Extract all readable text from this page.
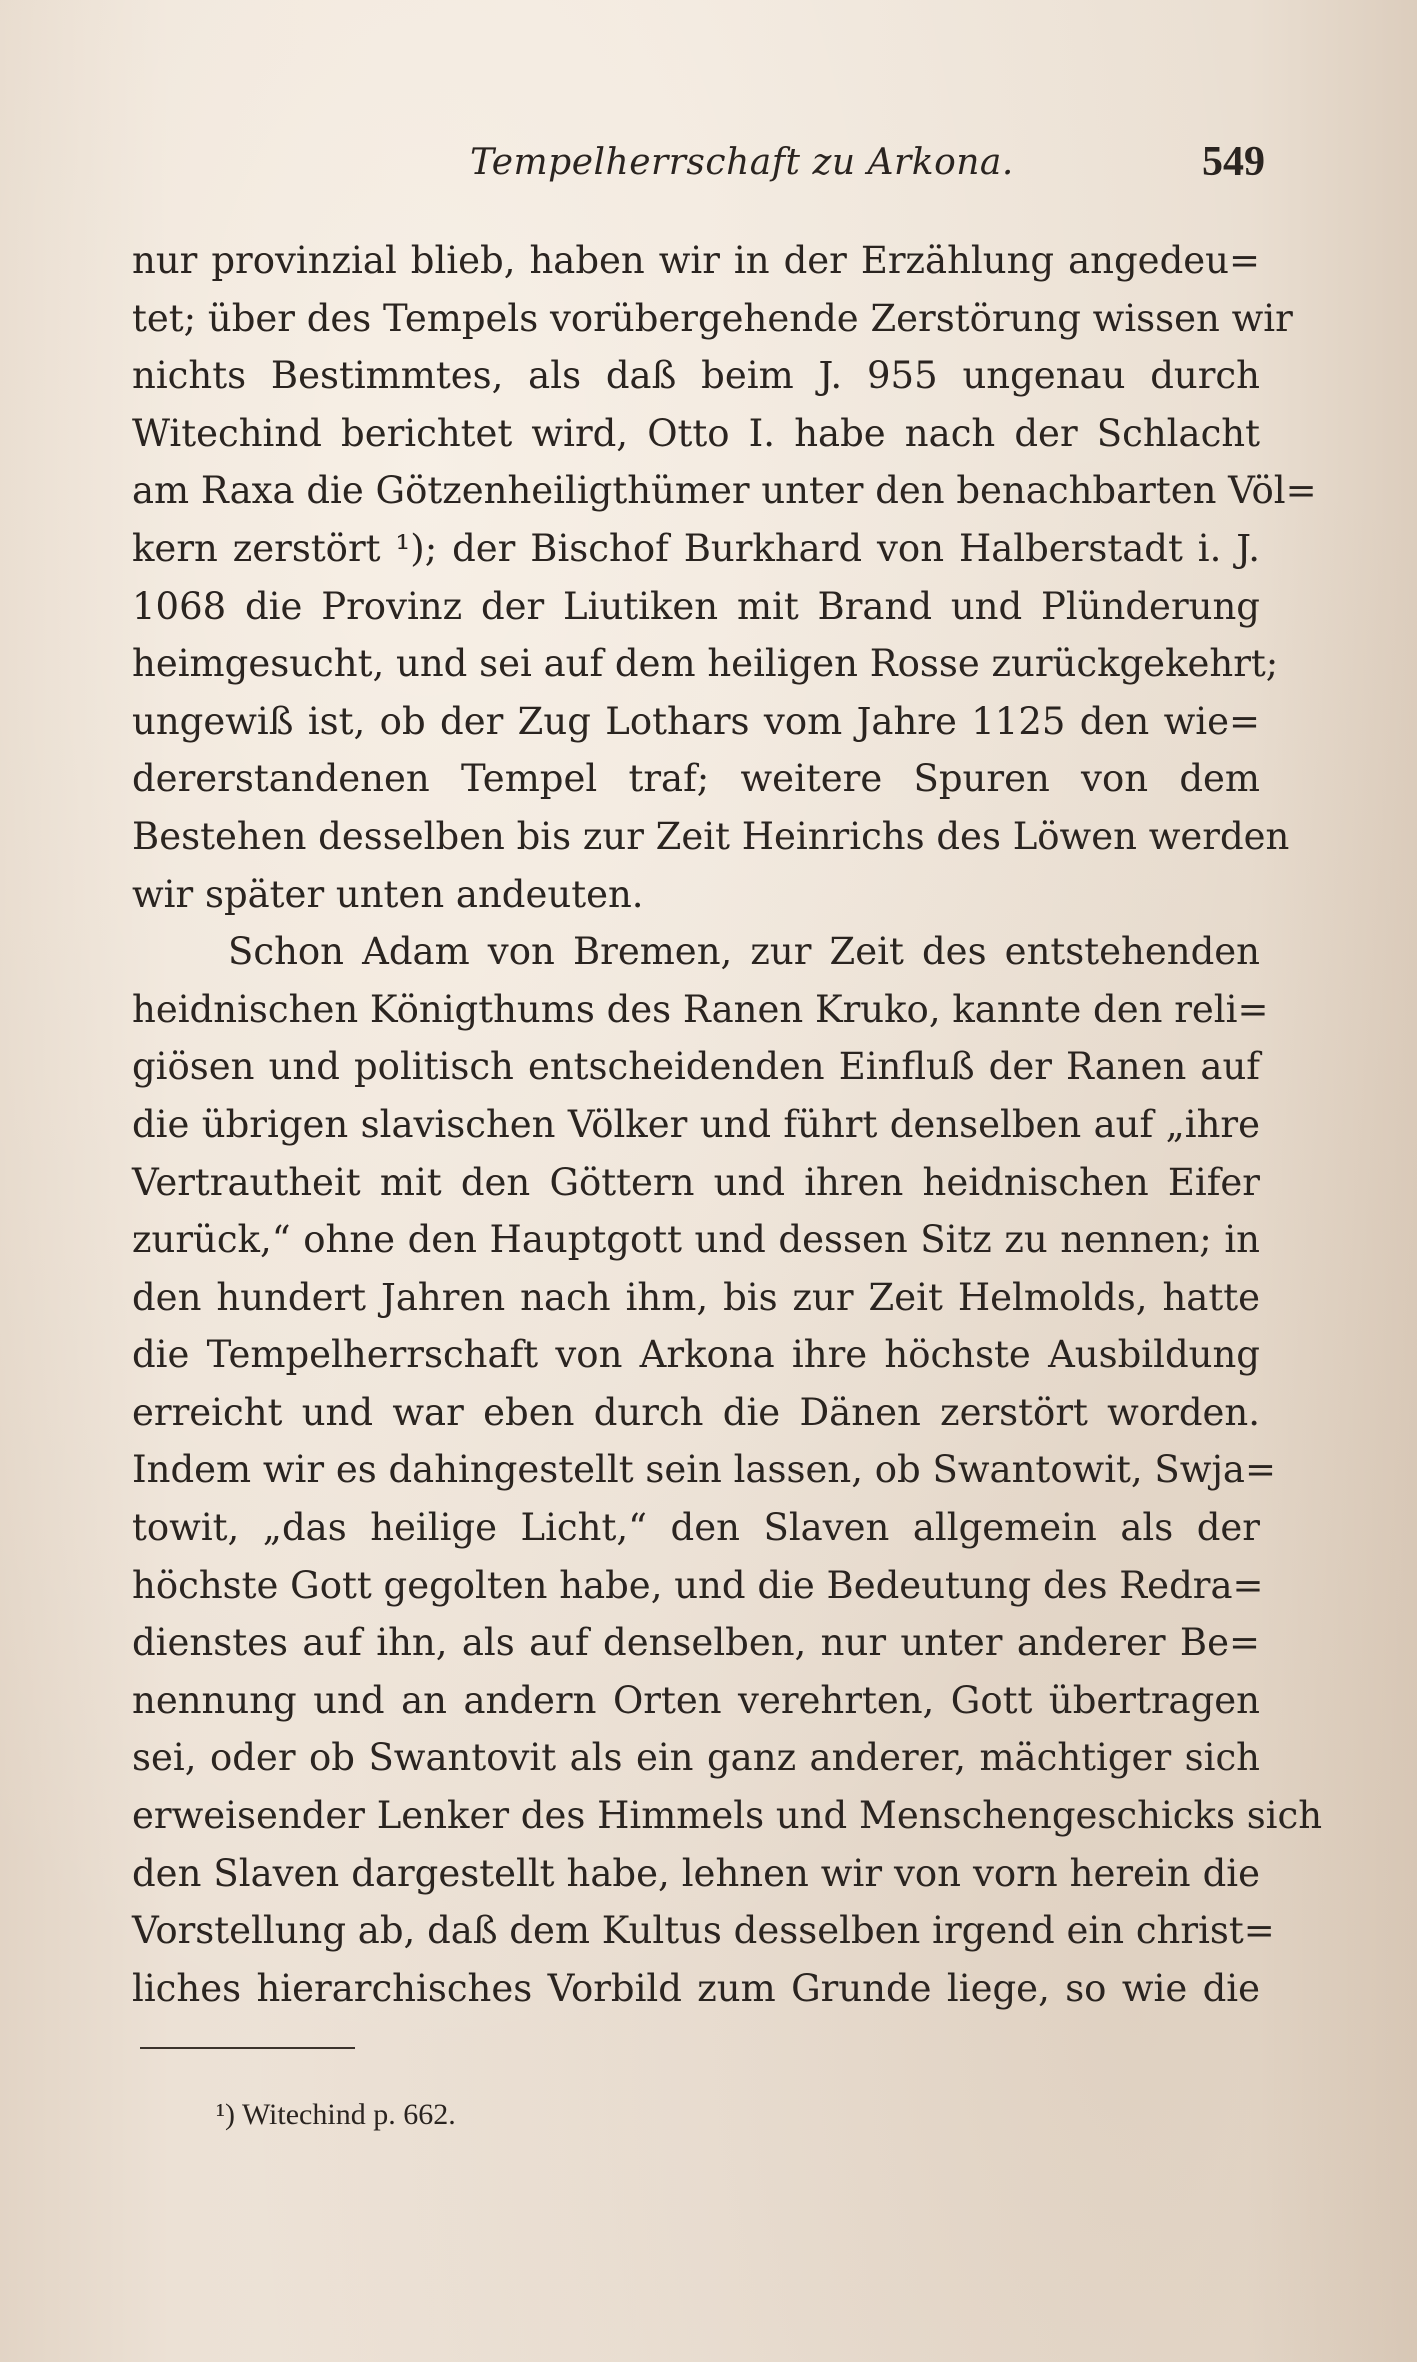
Tempelherrschaft zu Arkona.	549
nur provinzial blieb, haben wir in der Erzählung angedeu=
tet; über des Tempels vorübergehende Zerstörung wissen wir
nichts Bestimmtes, als daß beim J. 955 ungenau durch
Witechind berichtet wird, Otto I. habe nach der Schlacht
am Raxa die Götzenheiligthümer unter den benachbarten Völ=
kern zerstört ¹); der Bischof Burkhard von Halberstadt i. J.
1068 die Provinz der Liutiken mit Brand und Plünderung
heimgesucht, und sei auf dem heiligen Rosse zurückgekehrt;
ungewiß ist, ob der Zug Lothars vom Jahre 1125 den wie=
dererstandenen Tempel traf; weitere Spuren von dem
Bestehen desselben bis zur Zeit Heinrichs des Löwen werden
wir später unten andeuten.
Schon Adam von Bremen, zur Zeit des entstehenden
heidnischen Königthums des Ranen Kruko, kannte den reli=
giösen und politisch entscheidenden Einfluß der Ranen auf
die übrigen slavischen Völker und führt denselben auf „ihre
Vertrautheit mit den Göttern und ihren heidnischen Eifer
zurück,“ ohne den Hauptgott und dessen Sitz zu nennen; in
den hundert Jahren nach ihm, bis zur Zeit Helmolds, hatte
die Tempelherrschaft von Arkona ihre höchste Ausbildung
erreicht und war eben durch die Dänen zerstört worden.
Indem wir es dahingestellt sein lassen, ob Swantowit, Swja=
towit, „das heilige Licht,“ den Slaven allgemein als der
höchste Gott gegolten habe, und die Bedeutung des Redra=
dienstes auf ihn, als auf denselben, nur unter anderer Be=
nennung und an andern Orten verehrten, Gott übertragen
sei, oder ob Swantovit als ein ganz anderer, mächtiger sich
erweisender Lenker des Himmels und Menschengeschicks sich
den Slaven dargestellt habe, lehnen wir von vorn herein die
Vorstellung ab, daß dem Kultus desselben irgend ein christ=
liches hierarchisches Vorbild zum Grunde liege, so wie die
¹) Witechind p. 662.
